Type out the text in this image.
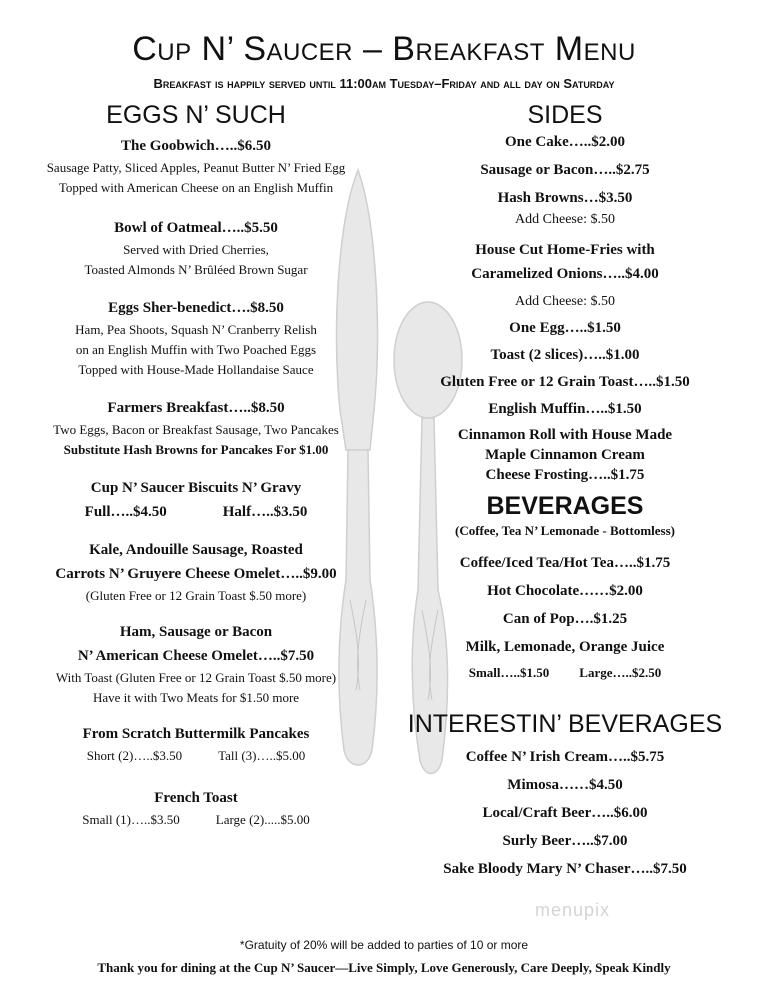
Cup N’ Saucer – Breakfast Menu
Breakfast is happily served until 11:00am Tuesday–Friday and all day on Saturday
EGGS N’ SUCH

The Goobwich…..$6.50

Sausage Patty, Sliced Apples, Peanut Butter N’ Fried Egg

Topped with American Cheese on an English Muffin

Bowl of Oatmeal…..$5.50

Served with Dried Cherries,

Toasted Almonds N’ Brûléed Brown Sugar

Eggs Sher-benedict….$8.50

Ham, Pea Shoots, Squash N’ Cranberry Relish

on an English Muffin with Two Poached Eggs

Topped with House-Made Hollandaise Sauce

Farmers Breakfast…..$8.50

Two Eggs, Bacon or Breakfast Sausage, Two Pancakes

Substitute Hash Browns for Pancakes For $1.00

Cup N’ Saucer Biscuits N’ Gravy

Full…..$4.50	Half…..$3.50

Kale, Andouille Sausage, Roasted

Carrots N’ Gruyere Cheese Omelet…..$9.00

(Gluten Free or 12 Grain Toast $.50 more)

Ham, Sausage or Bacon

N’ American Cheese Omelet…..$7.50

With Toast (Gluten Free or 12 Grain Toast $.50 more)

Have it with Two Meats for $1.50 more

From Scratch Buttermilk Pancakes

Short (2)…..$3.50	Tall (3)…..$5.00

French Toast

Small (1)…..$3.50	Large (2).....$5.00
SIDES

One Cake…..$2.00

Sausage or Bacon…..$2.75

Hash Browns…$3.50

Add Cheese: $.50

House Cut Home-Fries with

Caramelized Onions…..$4.00

Add Cheese: $.50

One Egg…..$1.50

Toast (2 slices)…..$1.00

Gluten Free or 12 Grain Toast…..$1.50

English Muffin…..$1.50

Cinnamon Roll with House Made

Maple Cinnamon Cream

Cheese Frosting…..$1.75

BEVERAGES

(Coffee, Tea N’ Lemonade - Bottomless)

Coffee/Iced Tea/Hot Tea…..$1.75

Hot Chocolate……$2.00

Can of Pop….$1.25

Milk, Lemonade, Orange Juice

Small…..$1.50 Large…..$2.50
INTERESTIN’ BEVERAGES

Coffee N’ Irish Cream…..$5.75

Mimosa……$4.50

Local/Craft Beer…..$6.00

Surly Beer…..$7.00

Sake Bloody Mary N’ Chaser…..$7.50

menupix
*Gratuity of 20% will be added to parties of 10 or more
Thank you for dining at the Cup N’ Saucer—Live Simply, Love Generously, Care Deeply, Speak Kindly
